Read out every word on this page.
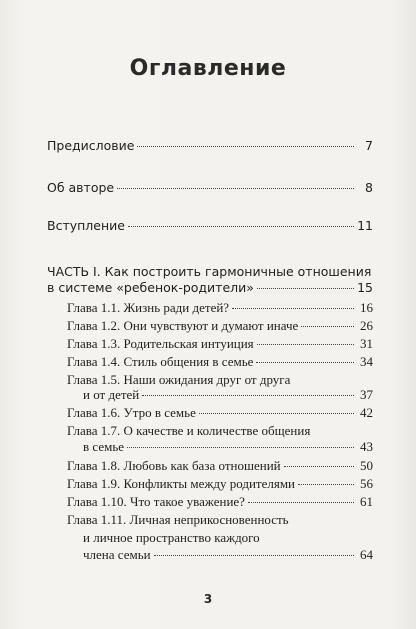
Оглавление
Предисловие	7
Об авторе	8
Вступление	11
ЧАСТЬ I. Как построить гармоничные отношения
в системе «ребенок-родители»	15
Глава 1.1. Жизнь ради детей?	16
Глава 1.2. Они чувствуют и думают иначе	26
Глава 1.3. Родительская интуиция	31
Глава 1.4. Стиль общения в семье	34
Глава 1.5. Наши ожидания друг от друга
и от детей	37
Глава 1.6. Утро в семье	42
Глава 1.7. О качестве и количестве общения
в семье	43
Глава 1.8. Любовь как база отношений	50
Глава 1.9. Конфликты между родителями	56
Глава 1.10. Что такое уважение?	61
Глава 1.11. Личная неприкосновенность
и личное пространство каждого
члена семьи	64
3
